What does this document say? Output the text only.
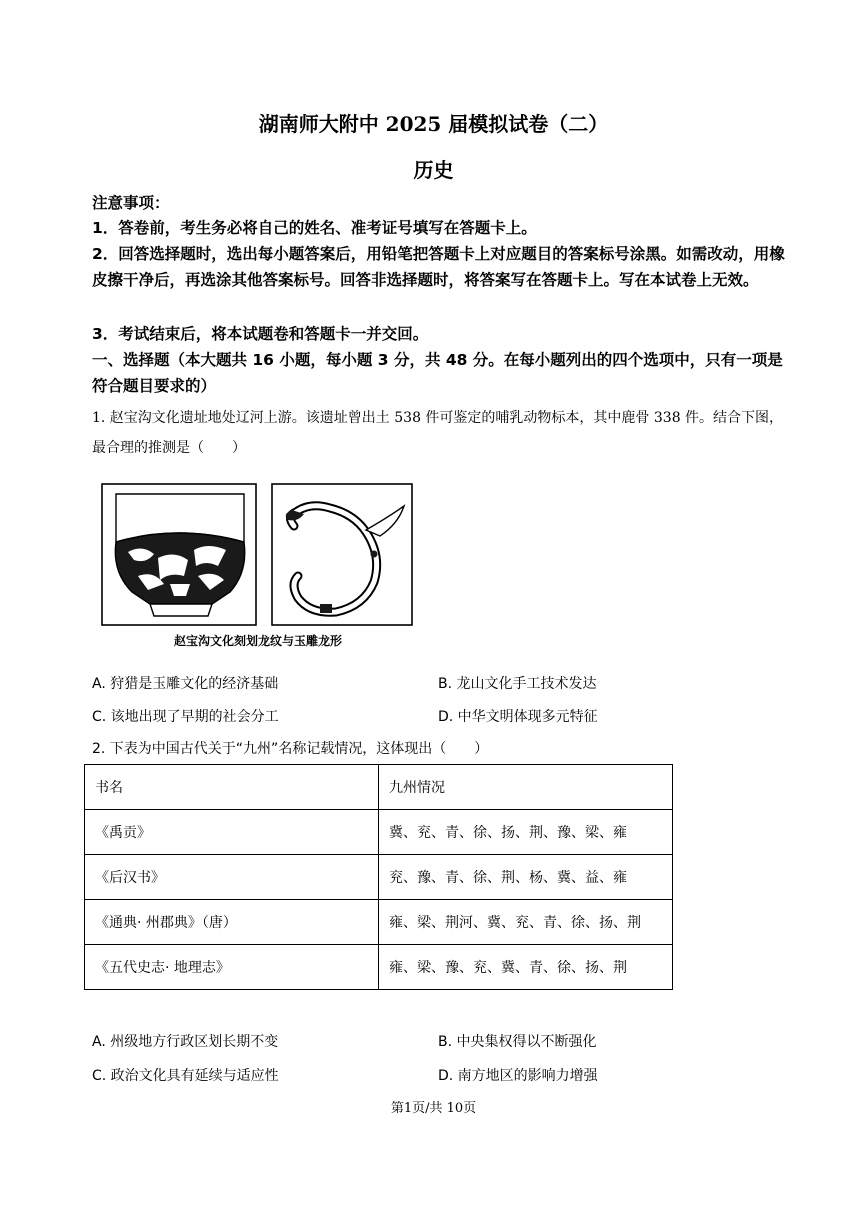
湖南师大附中 2025 届模拟试卷（二）
历史
注意事项：
1．答卷前，考生务必将自己的姓名、准考证号填写在答题卡上。
2．回答选择题时，选出每小题答案后，用铅笔把答题卡上对应题目的答案标号涂黑。如需改动，用橡皮擦干净后，再选涂其他答案标号。回答非选择题时，将答案写在答题卡上。写在本试卷上无效。
3．考试结束后，将本试题卷和答题卡一并交回。
一、选择题（本大题共 16 小题，每小题 3 分，共 48 分。在每小题列出的四个选项中，只有一项是符合题目要求的）
1. 赵宝沟文化遗址地处辽河上游。该遗址曾出土 538 件可鉴定的哺乳动物标本，其中鹿骨 338 件。结合下图，最合理的推测是（　　）
赵宝沟文化刻划龙纹与玉雕龙形
A. 狩猎是玉雕文化的经济基础	B. 龙山文化手工技术发达
C. 该地出现了早期的社会分工	D. 中华文明体现多元特征
2. 下表为中国古代关于“九州”名称记载情况，这体现出（　　）
书名	九州情况
《禹贡》	冀、兖、青、徐、扬、荆、豫、梁、雍
《后汉书》	兖、豫、青、徐、荆、杨、冀、益、雍
《通典· 州郡典》（唐）	雍、梁、荆河、冀、兖、青、徐、扬、荆
《五代史志· 地理志》	雍、梁、豫、兖、冀、青、徐、扬、荆
A. 州级地方行政区划长期不变	B. 中央集权得以不断强化
C. 政治文化具有延续与适应性	D. 南方地区的影响力增强
第1页/共 10页
